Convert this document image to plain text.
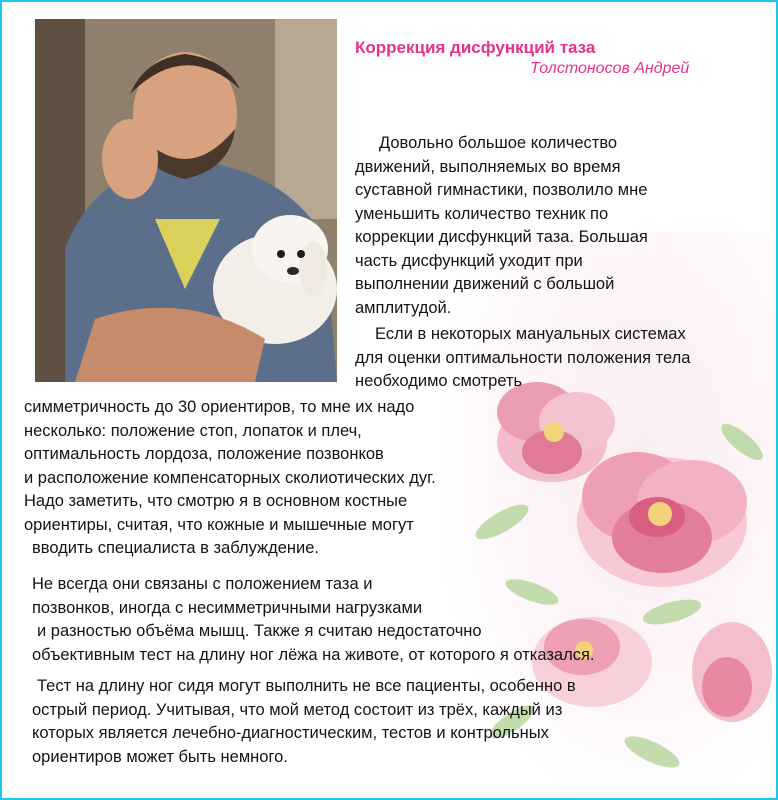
Коррекция дисфункций таза

Толстоносов Андрей

Довольно большое количество

движений, выполняемых во время

суставной гимнастики, позволило мне

уменьшить количество техник по

коррекции дисфункций таза. Большая

часть дисфункций уходит при

выполнении движений с большой

амплитудой.

Если в некоторых мануальных системах

для оценки оптимальности положения тела

необходимо смотреть

симметричность до 30 ориентиров, то мне их надо

несколько: положение стоп, лопаток и плеч,

оптимальность лордоза, положение позвонков

и расположение компенсаторных сколиотических дуг.

Надо заметить, что смотрю я в основном костные

ориентиры, считая, что кожные и мышечные могут

вводить специалиста в заблуждение.

Не всегда они связаны с положением таза и

позвонков, иногда с несимметричными нагрузками

и разностью объёма мышц. Также я считаю недостаточно

объективным тест на длину ног лёжа на животе, от которого я отказался.

Тест на длину ног сидя могут выполнить не все пациенты, особенно в

острый период. Учитывая, что мой метод состоит из трёх, каждый из

которых является лечебно-диагностическим, тестов и контрольных

ориентиров может быть немного.
